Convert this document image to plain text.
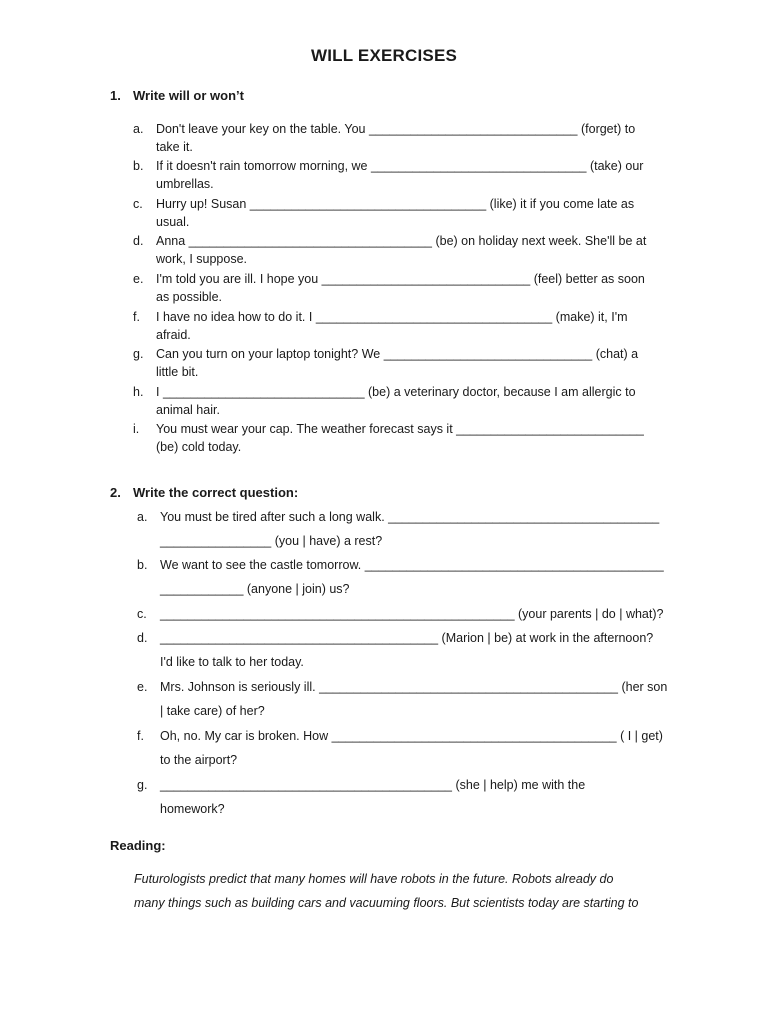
WILL EXERCISES
1. Write will or won’t
a. Don't leave your key on the table. You ______________________________ (forget) to
take it.
b. If it doesn't rain tomorrow morning, we _______________________________ (take) our
umbrellas.
c. Hurry up! Susan __________________________________ (like) it if you come late as
usual.
d. Anna ___________________________________ (be) on holiday next week. She'll be at
work, I suppose.
e. I'm told you are ill. I hope you ______________________________ (feel) better as soon
as possible.
f. I have no idea how to do it. I __________________________________ (make) it, I'm
afraid.
g. Can you turn on your laptop tonight? We ______________________________ (chat) a
little bit.
h. I _____________________________ (be) a veterinary doctor, because I am allergic to
animal hair.
i. You must wear your cap. The weather forecast says it ___________________________
(be) cold today.
2. Write the correct question:
a. You must be tired after such a long walk. _______________________________________
________________ (you | have) a rest?
b. We want to see the castle tomorrow. ___________________________________________
____________ (anyone | join) us?
c. ___________________________________________________ (your parents | do | what)?
d. ________________________________________ (Marion | be) at work in the afternoon?
I'd like to talk to her today.
e. Mrs. Johnson is seriously ill. ___________________________________________ (her son
| take care) of her?
f. Oh, no. My car is broken. How _________________________________________ ( I | get)
to the airport?
g. __________________________________________ (she | help) me with the
homework?
Reading:
Futurologists predict that many homes will have robots in the future. Robots already do
many things such as building cars and vacuuming floors. But scientists today are starting to
